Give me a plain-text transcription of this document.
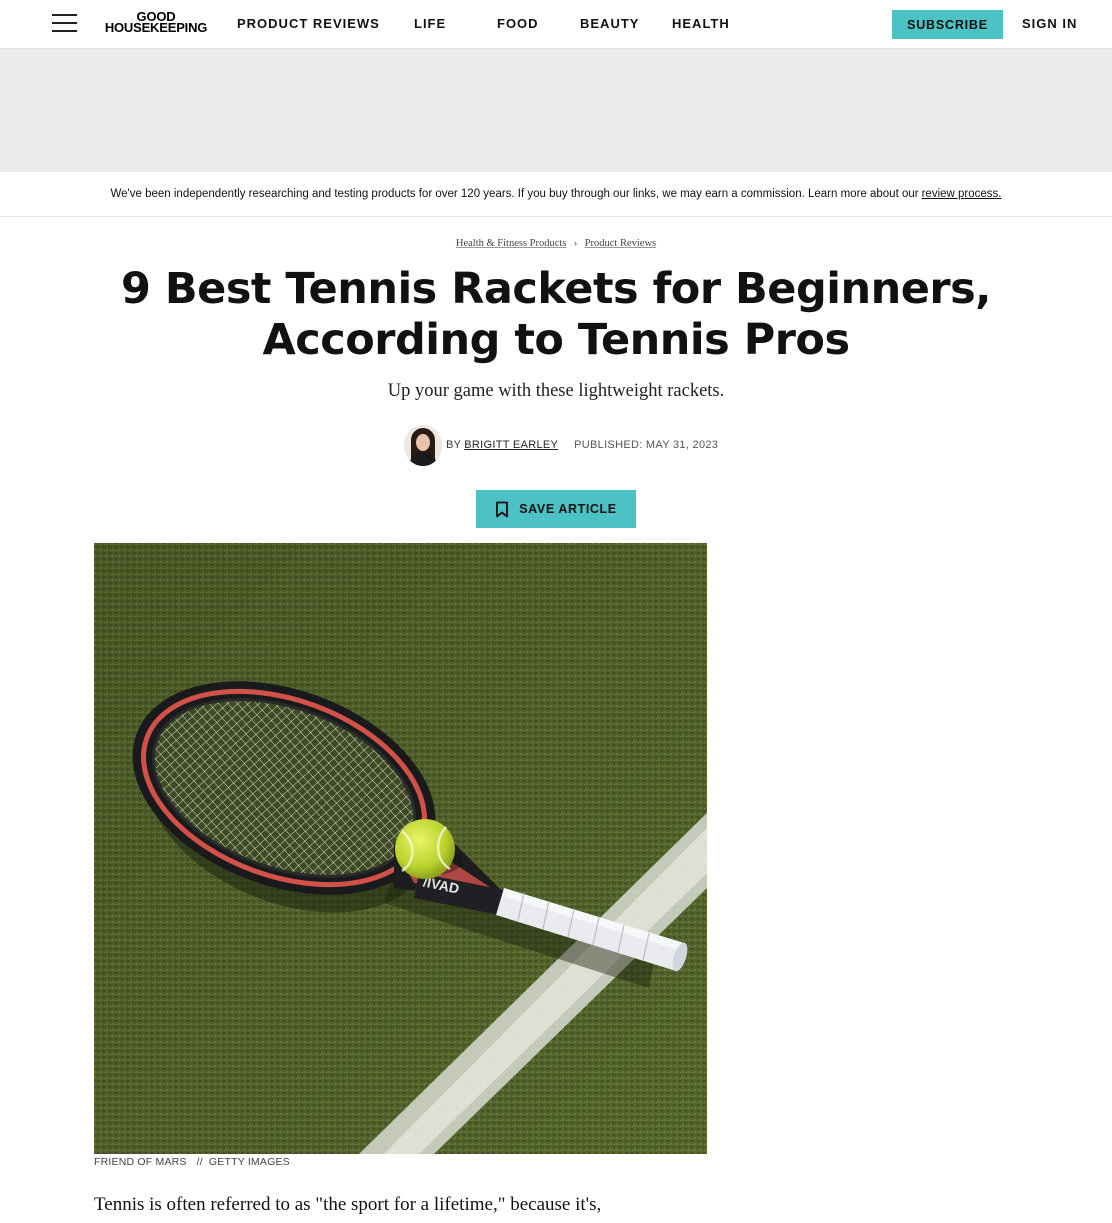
GOOD
HOUSEKEEPING	PRODUCT REVIEWS	LIFE	FOOD	BEAUTY	HEALTH	SUBSCRIBE	SIGN IN
We've been independently researching and testing products for over 120 years. If you buy through our links, we may earn a commission. Learn more about our review process.
Health & Fitness Products › Product Reviews
9 Best Tennis Rackets for Beginners, According to Tennis Pros
Up your game with these lightweight rackets.
BY BRIGITT EARLEY PUBLISHED: MAY 31, 2023
SAVE ARTICLE
/IVAD
FRIEND OF MARS // GETTY IMAGES
Tennis is often referred to as "the sport for a lifetime," because it's,
